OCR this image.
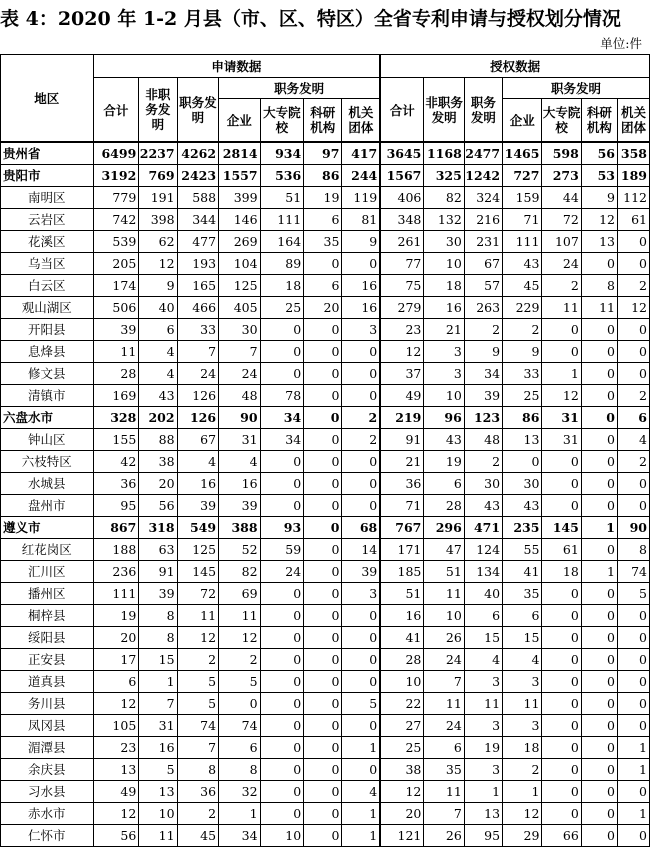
表 4：2020 年 1-2 月县（市、区、特区）全省专利申请与授权划分情况
单位:件
地区	申请数据							授权数据						
	合计	非职务发明	职务发明	职务发明				合计	非职务发明	职务发明	职务发明			
				企业	大专院校	科研机构	机关团体				企业	大专院校	科研机构	机关团体
贵州省	6499	2237	4262	2814	934	97	417	3645	1168	2477	1465	598	56	358
贵阳市	3192	769	2423	1557	536	86	244	1567	325	1242	727	273	53	189
南明区	779	191	588	399	51	19	119	406	82	324	159	44	9	112
云岩区	742	398	344	146	111	6	81	348	132	216	71	72	12	61
花溪区	539	62	477	269	164	35	9	261	30	231	111	107	13	0
乌当区	205	12	193	104	89	0	0	77	10	67	43	24	0	0
白云区	174	9	165	125	18	6	16	75	18	57	45	2	8	2
观山湖区	506	40	466	405	25	20	16	279	16	263	229	11	11	12
开阳县	39	6	33	30	0	0	3	23	21	2	2	0	0	0
息烽县	11	4	7	7	0	0	0	12	3	9	9	0	0	0
修文县	28	4	24	24	0	0	0	37	3	34	33	1	0	0
清镇市	169	43	126	48	78	0	0	49	10	39	25	12	0	2
六盘水市	328	202	126	90	34	0	2	219	96	123	86	31	0	6
钟山区	155	88	67	31	34	0	2	91	43	48	13	31	0	4
六枝特区	42	38	4	4	0	0	0	21	19	2	0	0	0	2
水城县	36	20	16	16	0	0	0	36	6	30	30	0	0	0
盘州市	95	56	39	39	0	0	0	71	28	43	43	0	0	0
遵义市	867	318	549	388	93	0	68	767	296	471	235	145	1	90
红花岗区	188	63	125	52	59	0	14	171	47	124	55	61	0	8
汇川区	236	91	145	82	24	0	39	185	51	134	41	18	1	74
播州区	111	39	72	69	0	0	3	51	11	40	35	0	0	5
桐梓县	19	8	11	11	0	0	0	16	10	6	6	0	0	0
绥阳县	20	8	12	12	0	0	0	41	26	15	15	0	0	0
正安县	17	15	2	2	0	0	0	28	24	4	4	0	0	0
道真县	6	1	5	5	0	0	0	10	7	3	3	0	0	0
务川县	12	7	5	0	0	0	5	22	11	11	11	0	0	0
凤冈县	105	31	74	74	0	0	0	27	24	3	3	0	0	0
湄潭县	23	16	7	6	0	0	1	25	6	19	18	0	0	1
余庆县	13	5	8	8	0	0	0	38	35	3	2	0	0	1
习水县	49	13	36	32	0	0	4	12	11	1	1	0	0	0
赤水市	12	10	2	1	0	0	1	20	7	13	12	0	0	1
仁怀市	56	11	45	34	10	0	1	121	26	95	29	66	0	0
